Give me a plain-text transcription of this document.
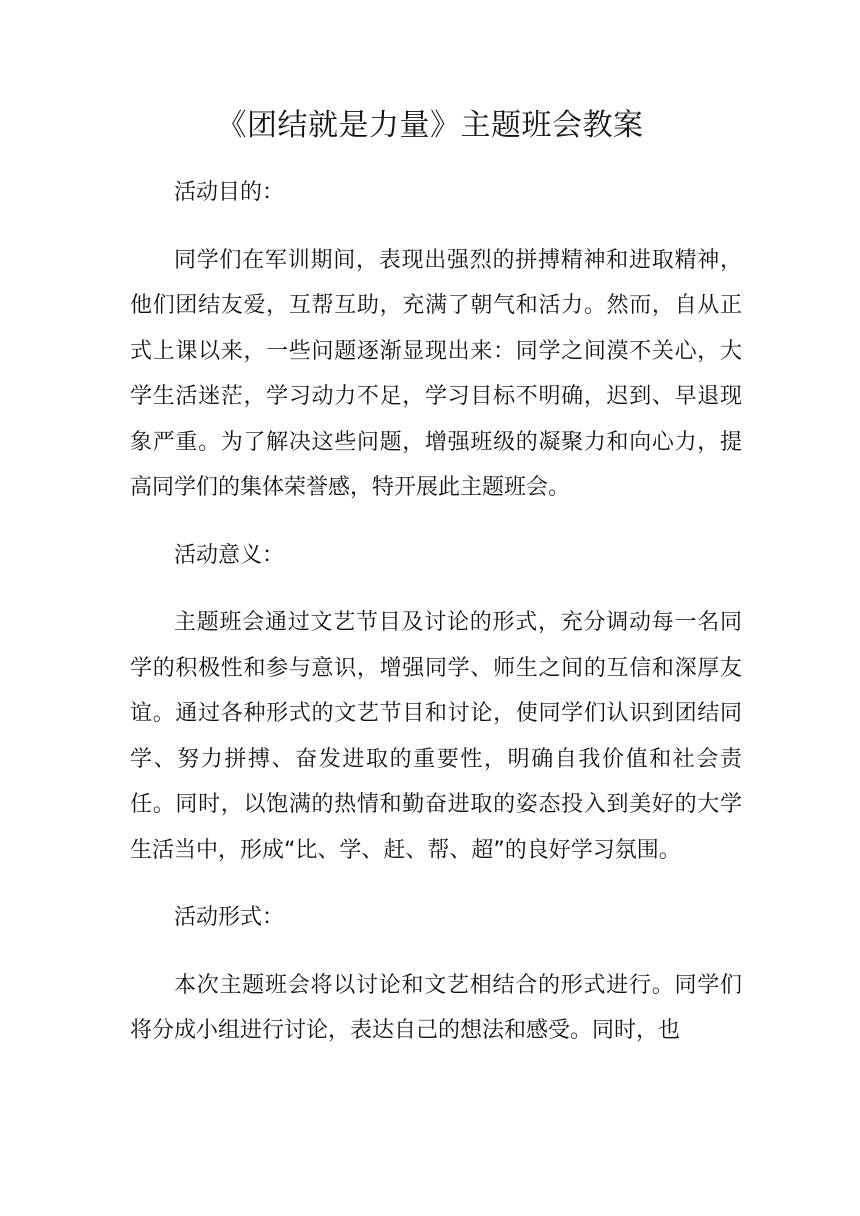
《团结就是力量》主题班会教案

活动目的：

同学们在军训期间，表现出强烈的拼搏精神和进取精神，他们团结友爱，互帮互助，充满了朝气和活力。然而，自从正式上课以来，一些问题逐渐显现出来：同学之间漠不关心，大学生活迷茫，学习动力不足，学习目标不明确，迟到、早退现象严重。为了解决这些问题，增强班级的凝聚力和向心力，提高同学们的集体荣誉感，特开展此主题班会。

活动意义：

主题班会通过文艺节目及讨论的形式，充分调动每一名同学的积极性和参与意识，增强同学、师生之间的互信和深厚友谊。通过各种形式的文艺节目和讨论，使同学们认识到团结同学、努力拼搏、奋发进取的重要性，明确自我价值和社会责任。同时，以饱满的热情和勤奋进取的姿态投入到美好的大学生活当中，形成“比、学、赶、帮、超”的良好学习氛围。

活动形式：

本次主题班会将以讨论和文艺相结合的形式进行。同学们将分成小组进行讨论，表达自己的想法和感受。同时，也
